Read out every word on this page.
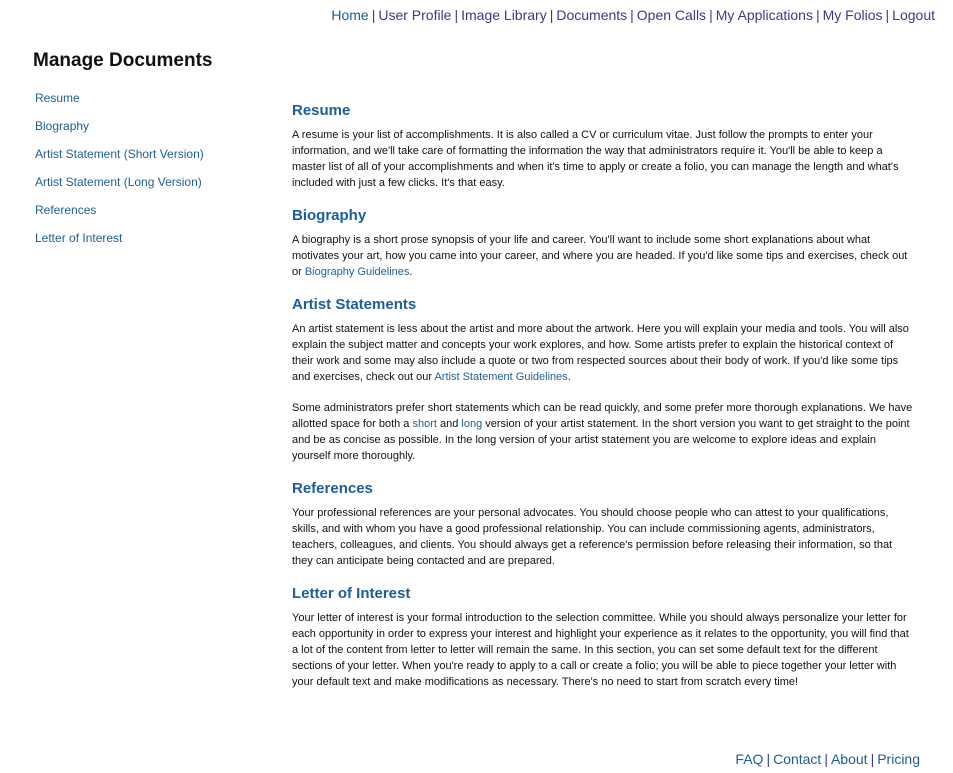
Home | User Profile | Image Library | Documents | Open Calls | My Applications | My Folios | Logout
Manage Documents
Resume
Biography
Artist Statement (Short Version)
Artist Statement (Long Version)
References
Letter of Interest
Resume

A resume is your list of accomplishments. It is also called a CV or curriculum vitae. Just follow the prompts to enter your information, and we'll take care of formatting the information the way that administrators require it. You'll be able to keep a master list of all of your accomplishments and when it's time to apply or create a folio, you can manage the length and what's included with just a few clicks. It's that easy.

Biography

A biography is a short prose synopsis of your life and career. You'll want to include some short explanations about what motivates your art, how you came into your career, and where you are headed. If you'd like some tips and exercises, check out or Biography Guidelines.

Artist Statements

An artist statement is less about the artist and more about the artwork. Here you will explain your media and tools. You will also explain the subject matter and concepts your work explores, and how. Some artists prefer to explain the historical context of their work and some may also include a quote or two from respected sources about their body of work. If you'd like some tips and exercises, check out our Artist Statement Guidelines.

Some administrators prefer short statements which can be read quickly, and some prefer more thorough explanations. We have allotted space for both a short and long version of your artist statement. In the short version you want to get straight to the point and be as concise as possible. In the long version of your artist statement you are welcome to explore ideas and explain yourself more thoroughly.

References

Your professional references are your personal advocates. You should choose people who can attest to your qualifications, skills, and with whom you have a good professional relationship. You can include commissioning agents, administrators, teachers, colleagues, and clients. You should always get a reference's permission before releasing their information, so that they can anticipate being contacted and are prepared.

Letter of Interest

Your letter of interest is your formal introduction to the selection committee. While you should always personalize your letter for each opportunity in order to express your interest and highlight your experience as it relates to the opportunity, you will find that a lot of the content from letter to letter will remain the same. In this section, you can set some default text for the different sections of your letter. When you're ready to apply to a call or create a folio; you will be able to piece together your letter with your default text and make modifications as necessary. There's no need to start from scratch every time!

FAQ | Contact | About | Pricing
